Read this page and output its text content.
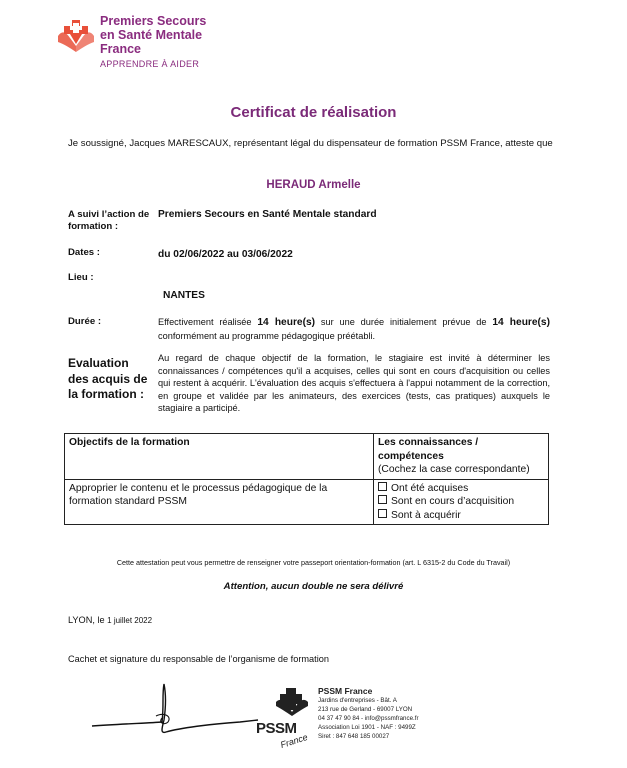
Premiers Secours
en Santé Mentale
France
APPRENDRE À AIDER
Certificat de réalisation
Je soussigné, Jacques MARESCAUX, représentant légal du dispensateur de formation PSSM France, atteste que
HERAUD Armelle
A suivi l’action de formation :
Premiers Secours en Santé Mentale standard
Dates :	du 02/06/2022 au 03/06/2022
Lieu :
NANTES
Durée :	Effectivement réalisée 14 heure(s) sur une durée initialement prévue de 14 heure(s) conformément au programme pédagogique préétabli.
Evaluation des acquis de la formation :
Au regard de chaque objectif de la formation, le stagiaire est invité à déterminer les connaissances / compétences qu'il a acquises, celles qui sont en cours d'acquisition ou celles qui restent à acquérir. L'évaluation des acquis s'effectuera à l'appui notamment de la correction, en groupe et validée par les animateurs, des exercices (tests, cas pratiques) auxquels le stagiaire a participé.
Objectifs de la formation	Les connaissances / compétences
(Cochez la case correspondante)

Approprier le contenu et le processus pédagogique de la formation standard PSSM	Ont été acquises
Sont en cours d’acquisition
Sont à acquérir
Cette attestation peut vous permettre de renseigner votre passeport orientation-formation (art. L 6315-2 du Code du Travail)
Attention, aucun double ne sera délivré
LYON, le 1 juillet 2022
Cachet et signature du responsable de l’organisme de formation
PSSM
France
PSSM France
Jardins d'entreprises - Bât. A
213 rue de Gerland - 69007 LYON
04 37 47 90 84 - info@pssmfrance.fr
Association Loi 1901 - NAF : 9499Z
Siret : 847 648 185 00027
